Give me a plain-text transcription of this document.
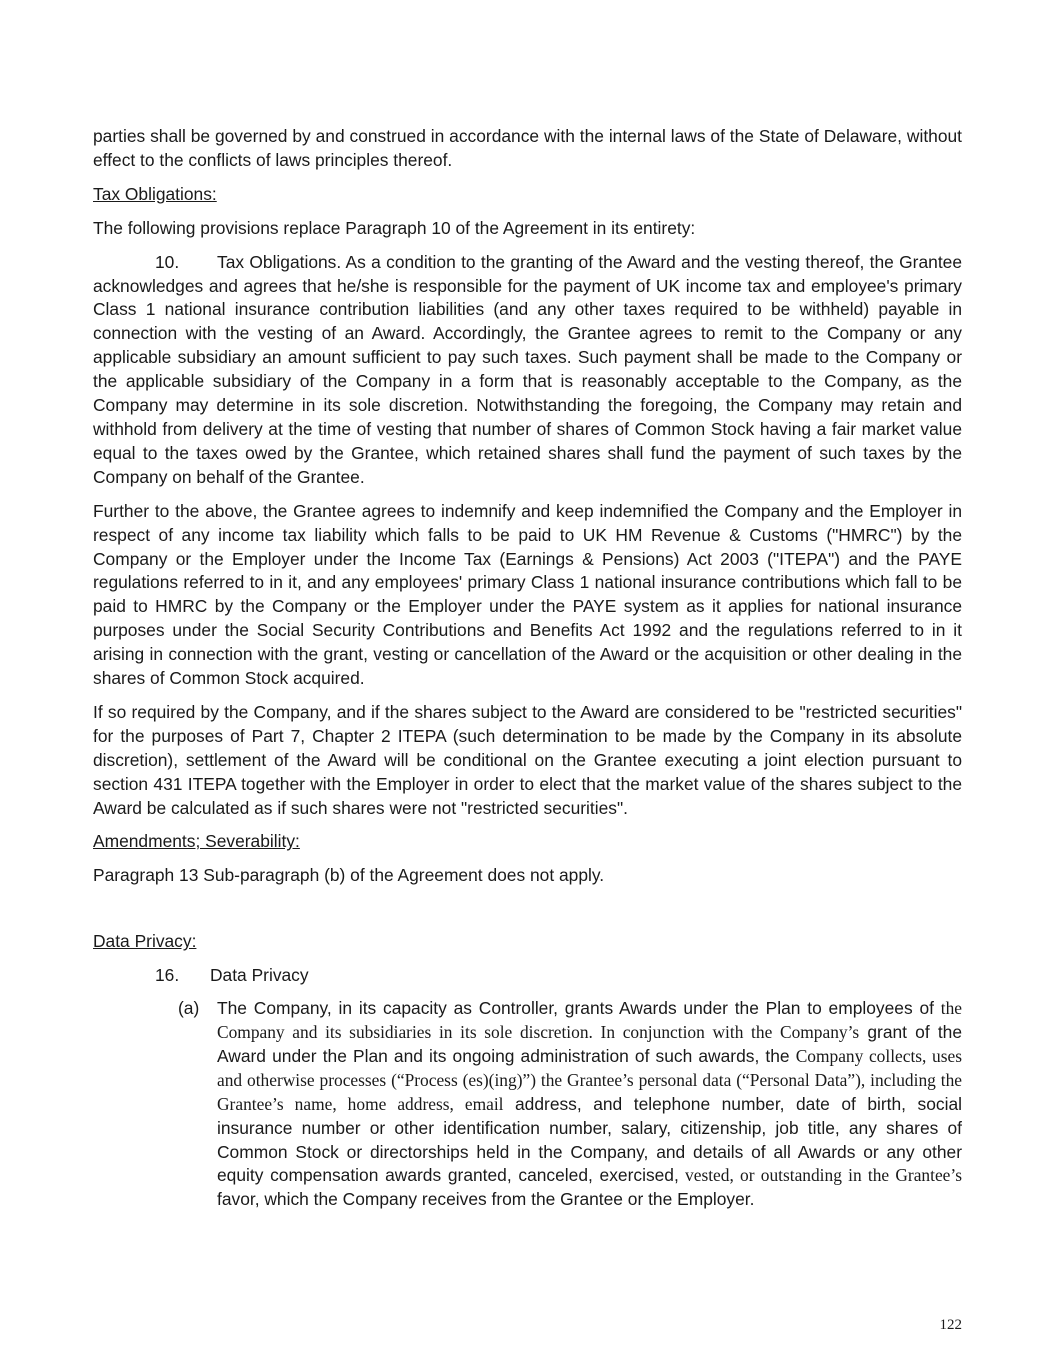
parties shall be governed by and construed in accordance with the internal laws of the State of Delaware, without effect to the conflicts of laws principles thereof.

Tax Obligations:

The following provisions replace Paragraph 10 of the Agreement in its entirety:

10. Tax Obligations. As a condition to the granting of the Award and the vesting thereof, the Grantee acknowledges and agrees that he/she is responsible for the payment of UK income tax and employee's primary Class 1 national insurance contribution liabilities (and any other taxes required to be withheld) payable in connection with the vesting of an Award. Accordingly, the Grantee agrees to remit to the Company or any applicable subsidiary an amount sufficient to pay such taxes. Such payment shall be made to the Company or the applicable subsidiary of the Company in a form that is reasonably acceptable to the Company, as the Company may determine in its sole discretion. Notwithstanding the foregoing, the Company may retain and withhold from delivery at the time of vesting that number of shares of Common Stock having a fair market value equal to the taxes owed by the Grantee, which retained shares shall fund the payment of such taxes by the Company on behalf of the Grantee.

Further to the above, the Grantee agrees to indemnify and keep indemnified the Company and the Employer in respect of any income tax liability which falls to be paid to UK HM Revenue & Customs ("HMRC") by the Company or the Employer under the Income Tax (Earnings & Pensions) Act 2003 ("ITEPA") and the PAYE regulations referred to in it, and any employees' primary Class 1 national insurance contributions which fall to be paid to HMRC by the Company or the Employer under the PAYE system as it applies for national insurance purposes under the Social Security Contributions and Benefits Act 1992 and the regulations referred to in it arising in connection with the grant, vesting or cancellation of the Award or the acquisition or other dealing in the shares of Common Stock acquired.

If so required by the Company, and if the shares subject to the Award are considered to be "restricted securities" for the purposes of Part 7, Chapter 2 ITEPA (such determination to be made by the Company in its absolute discretion), settlement of the Award will be conditional on the Grantee executing a joint election pursuant to section 431 ITEPA together with the Employer in order to elect that the market value of the shares subject to the Award be calculated as if such shares were not "restricted securities".

Amendments; Severability:

Paragraph 13 Sub-paragraph (b) of the Agreement does not apply.

Data Privacy:

16. Data Privacy

(a) The Company, in its capacity as Controller, grants Awards under the Plan to employees of the Company and its subsidiaries in its sole discretion. In conjunction with the Company’s grant of the Award under the Plan and its ongoing administration of such awards, the Company collects, uses and otherwise processes (“Process (es)(ing)”) the Grantee’s personal data (“Personal Data”), including the Grantee’s name, home address, email address, and telephone number, date of birth, social insurance number or other identification number, salary, citizenship, job title, any shares of Common Stock or directorships held in the Company, and details of all Awards or any other equity compensation awards granted, canceled, exercised, vested, or outstanding in the Grantee’s favor, which the Company receives from the Grantee or the Employer.

122
